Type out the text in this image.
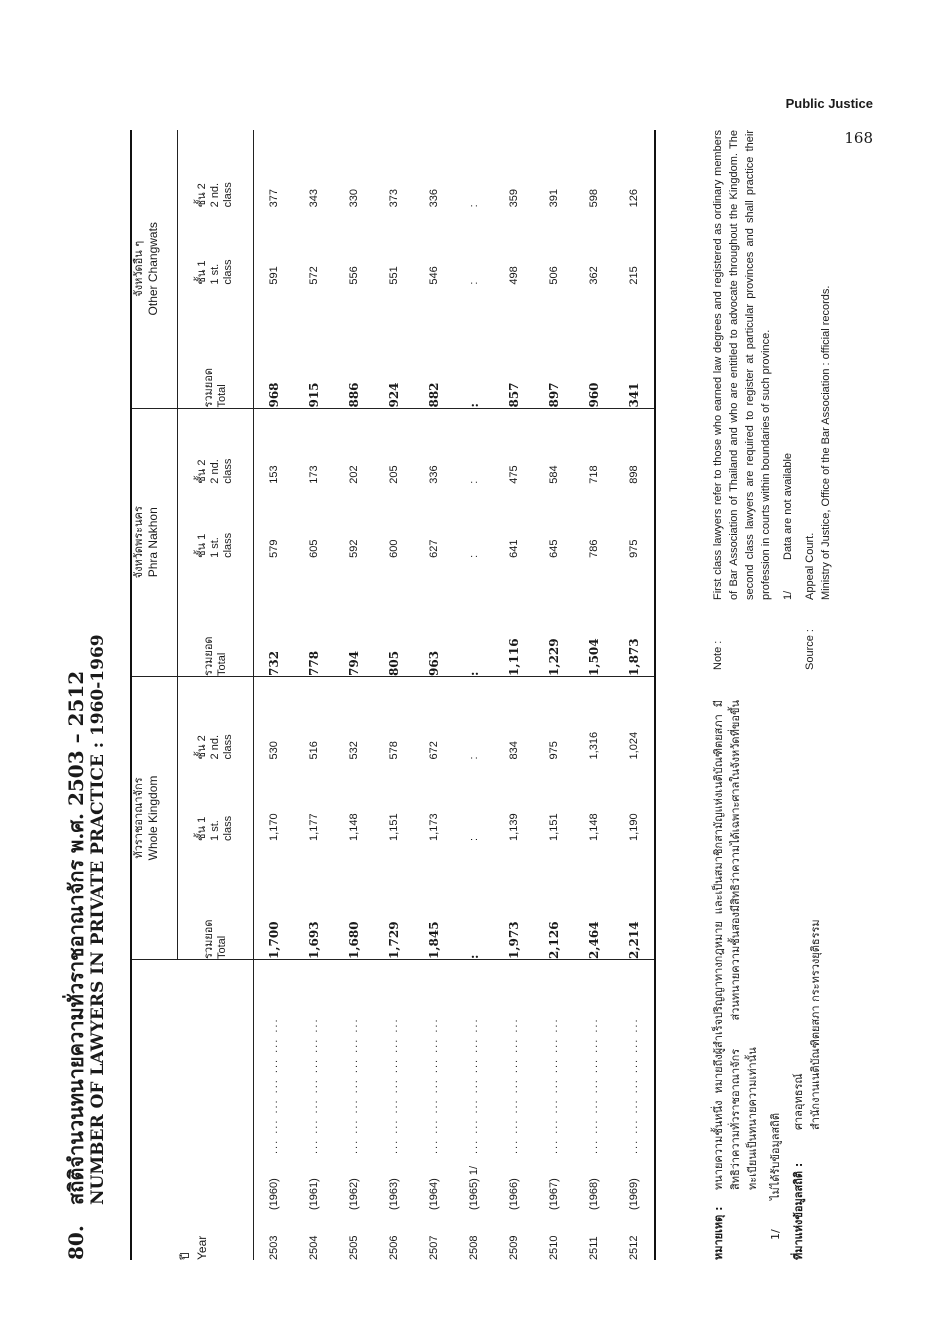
Public Justice
168
80.สถิติจำนวนทนายความทั่วราชอาณาจักร พ.ศ. 2503 – 2512 NUMBER OF LAWYERS IN PRIVATE PRACTICE : 1960-1969
ปี Year	ทั่วราชอาณาจักร Whole Kingdom			จังหวัดพระนคร Phra Nakhon			จังหวัดอื่น ๆ Other Changwats		

	รวมยอด Total	ชั้น 1 1 st. class	ชั้น 2 2 nd. class	รวมยอด Total	ชั้น 1 1 st. class	ชั้น 2 2 nd. class	รวมยอด Total	ชั้น 1 1 st. class	ชั้น 2 2 nd. class

2503(1960)... ... ... ... ... ... ...	1,700	1,170	530	732	579	153	968	591	377
2504(1961)... ... ... ... ... ... ...	1,693	1,177	516	778	605	173	915	572	343
2505(1962)... ... ... ... ... ... ...	1,680	1,148	532	794	592	202	886	556	330
2506(1963)... ... ... ... ... ... ...	1,729	1,151	578	805	600	205	924	551	373
2507(1964)... ... ... ... ... ... ...	1,845	1,173	672	963	627	336	882	546	336
2508(1965) 1/... ... ... ... ... ... ...	:	:	:	:	:	:	:	:	:
2509(1966)... ... ... ... ... ... ...	1,973	1,139	834	1,116	641	475	857	498	359
2510(1967)... ... ... ... ... ... ...	2,126	1,151	975	1,229	645	584	897	506	391
2511(1968)... ... ... ... ... ... ...	2,464	1,148	1,316	1,504	786	718	960	362	598
2512(1969)... ... ... ... ... ... ...	2,214	1,190	1,024	1,873	975	898	341	215	126
หมายเหตุ :
ทนายความชั้นหนึ่ง หมายถึงผู้สำเร็จปริญญาทางกฎหมาย และเป็นสมาชิกสามัญแห่งเนติบัณฑิตยสภา มีสิทธิว่าความทั่วราชอาณาจักร ส่วนทนายความชั้นสองมีสิทธิว่าความได้เฉพาะศาลในจังหวัดที่ขอขึ้นทะเบียนเป็นทนายความเท่านั้น
1/
ไม่ได้รับข้อมูลสถิติ
ที่มาแห่งข้อมูลสถิติ :
ศาลอุทธรณ์ สำนักงานเนติบัณฑิตยสภา กระทรวงยุติธรรม
Note :
First class lawyers refer to those who earned law degrees and registered as ordinary members of Bar Association of Thailand and who are entitled to advocate throughout the Kingdom. The second class lawyers are required to register at particular provinces and shall practice their profession in courts within boundaries of such province. 1/
Data are not available
Source :
Appeal Court. Ministry of Justice, Office of the Bar Association : official records.
